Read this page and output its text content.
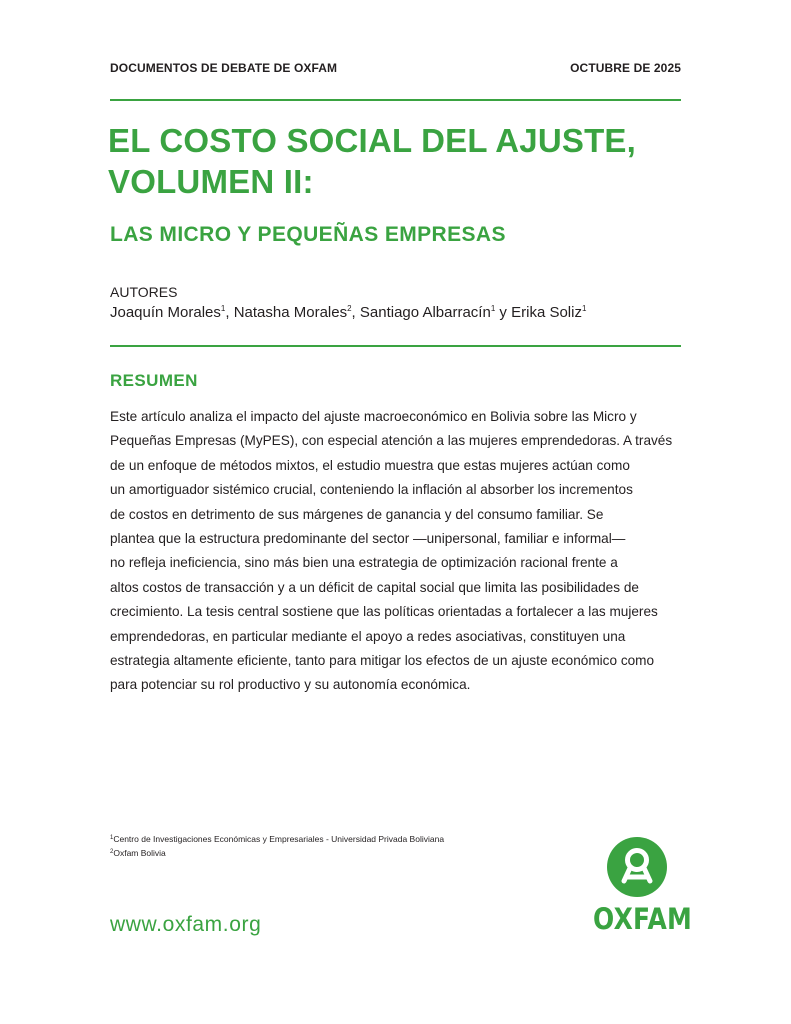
DOCUMENTOS DE DEBATE DE OXFAM	OCTUBRE DE 2025
EL COSTO SOCIAL DEL AJUSTE,
VOLUMEN II:
LAS MICRO Y PEQUEÑAS EMPRESAS
AUTORES
Joaquín Morales$^1$, Natasha Morales$^2$, Santiago Albarracín$^1$ y Erika Soliz$^1$
RESUMEN

Este artículo analiza el impacto del ajuste macroeconómico en Bolivia sobre las Micro y
Pequeñas Empresas (MyPES), con especial atención a las mujeres emprendedoras. A través
de un enfoque de métodos mixtos, el estudio muestra que estas mujeres actúan como
un amortiguador sistémico crucial, conteniendo la inflación al absorber los incrementos
de costos en detrimento de sus márgenes de ganancia y del consumo familiar. Se
plantea que la estructura predominante del sector —unipersonal, familiar e informal—
no refleja ineficiencia, sino más bien una estrategia de optimización racional frente a
altos costos de transacción y a un déficit de capital social que limita las posibilidades de
crecimiento. La tesis central sostiene que las políticas orientadas a fortalecer a las mujeres
emprendedoras, en particular mediante el apoyo a redes asociativas, constituyen una
estrategia altamente eficiente, tanto para mitigar los efectos de un ajuste económico como
para potenciar su rol productivo y su autonomía económica.

$^1$Centro de Investigaciones Económicas y Empresariales - Universidad Privada Boliviana
$^2$Oxfam Bolivia
www.oxfam.org	OXFAM
